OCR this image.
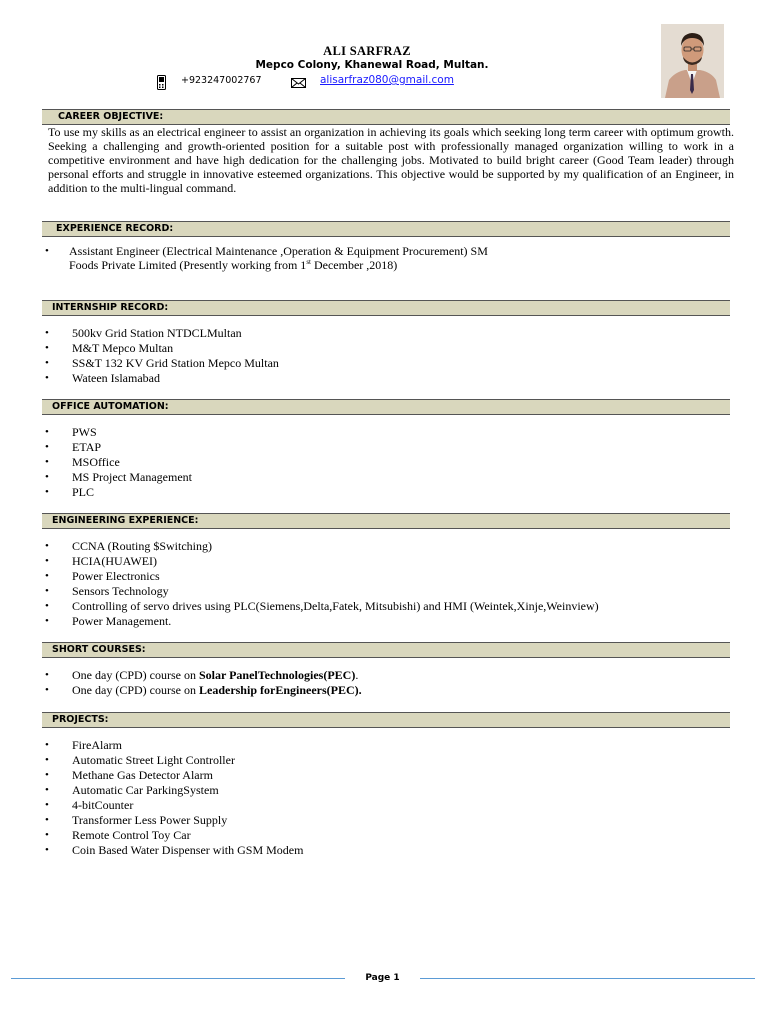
ALI SARFRAZ
Mepco Colony, Khanewal Road, Multan.
+923247002767	alisarfraz080@gmail.com
CAREER OBJECTIVE:
To use my skills as an electrical engineer to assist an organization in achieving its goals which seeking long term career with optimum growth. Seeking a challenging and growth-oriented position for a suitable post with professionally managed organization willing to work in a competitive environment and have high dedication for the challenging jobs. Motivated to build bright career (Good Team leader) through personal efforts and struggle in innovative esteemed organizations. This objective would be supported by my qualification of an Engineer, in addition to the multi-lingual command.
EXPERIENCE RECORD:
• Assistant Engineer (Electrical Maintenance ,Operation & Equipment Procurement) SM Foods Private Limited (Presently working from 1st December ,2018)
INTERNSHIP RECORD:
• 500kv Grid Station NTDCLMultan
• M&T Mepco Multan
• SS&T 132 KV Grid Station Mepco Multan
• Wateen Islamabad
OFFICE AUTOMATION:
• PWS
• ETAP
• MSOffice
• MS Project Management
• PLC
ENGINEERING EXPERIENCE:
• CCNA (Routing $Switching)
• HCIA(HUAWEI)
• Power Electronics
• Sensors Technology
• Controlling of servo drives using PLC(Siemens,Delta,Fatek, Mitsubishi) and HMI (Weintek,Xinje,Weinview)
• Power Management.
SHORT COURSES:
• One day (CPD) course on Solar PanelTechnologies(PEC).
• One day (CPD) course on Leadership forEngineers(PEC).
PROJECTS:
• FireAlarm
• Automatic Street Light Controller
• Methane Gas Detector Alarm
• Automatic Car ParkingSystem
• 4-bitCounter
• Transformer Less Power Supply
• Remote Control Toy Car
• Coin Based Water Dispenser with GSM Modem
Page 1
